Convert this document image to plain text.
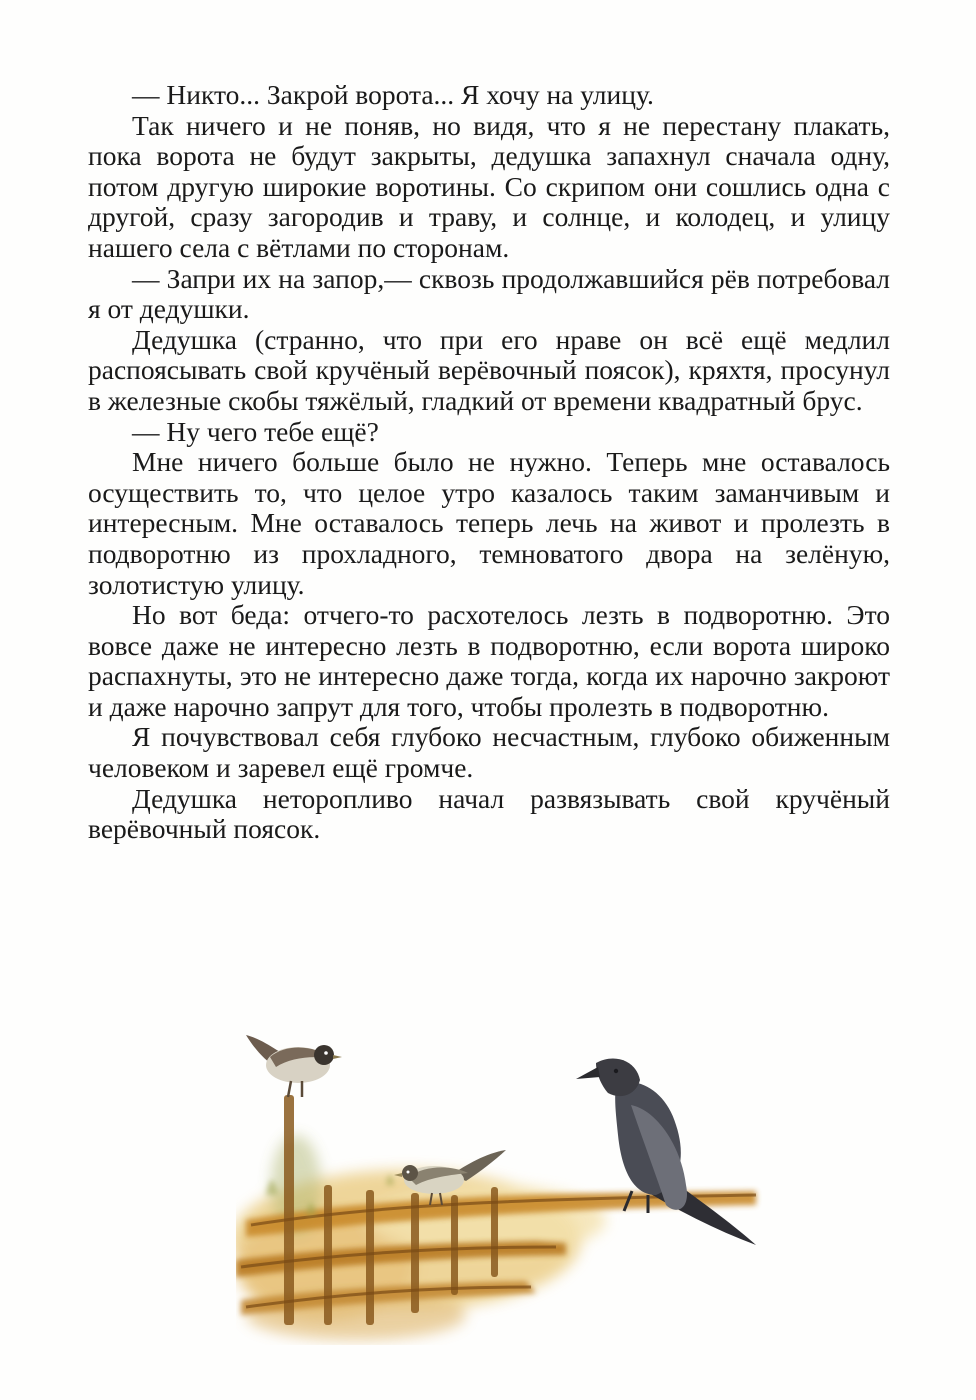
— Никто... Закрой ворота... Я хочу на улицу.

Так ничего и не поняв, но видя, что я не перестану плакать, пока ворота не будут закрыты, дедушка запахнул сначала одну, потом другую широкие воротины. Со скрипом они сошлись одна с другой, сразу загородив и траву, и солнце, и колодец, и улицу нашего села с вётлами по сторонам.

— Запри их на запор,— сквозь продолжавшийся рёв потребовал я от дедушки.

Дедушка (странно, что при его нраве он всё ещё медлил распоясывать свой кручёный верёвочный поясок), кряхтя, просунул в железные скобы тяжёлый, гладкий от времени квадратный брус.

— Ну чего тебе ещё?

Мне ничего больше было не нужно. Теперь мне оставалось осуществить то, что целое утро казалось таким заманчивым и интересным. Мне оставалось теперь лечь на живот и пролезть в подворотню из прохладного, темноватого двора на зелёную, золотистую улицу.

Но вот беда: отчего-то расхотелось лезть в подворотню. Это вовсе даже не интересно лезть в подворотню, если ворота широко распахнуты, это не интересно даже тогда, когда их нарочно закроют и даже нарочно запрут для того, чтобы пролезть в подворотню.

Я почувствовал себя глубоко несчастным, глубоко обиженным человеком и заревел ещё громче.

Дедушка неторопливо начал развязывать свой кручёный верёвочный поясок.
